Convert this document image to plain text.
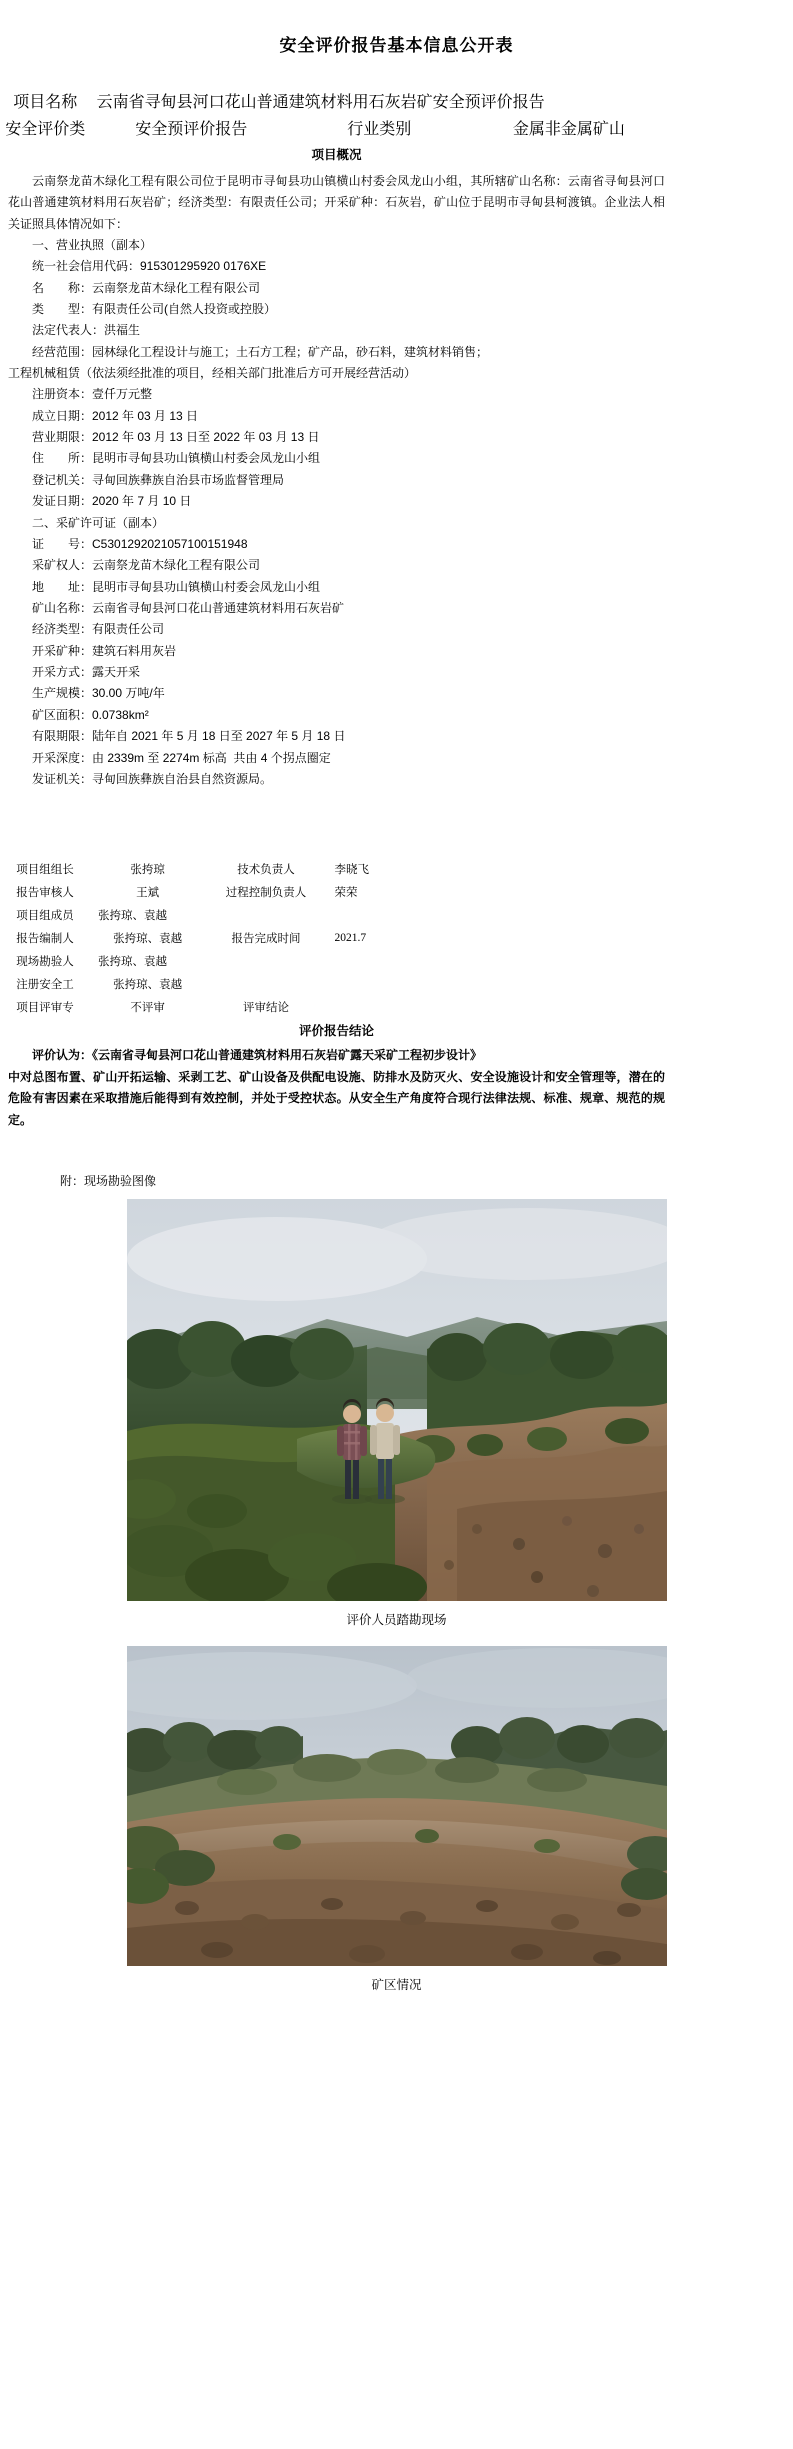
安全评价报告基本信息公开表
项目名称	云南省寻甸县河口花山普通建筑材料用石灰岩矿安全预评价报告		
安全评价类	安全预评价报告	行业类别	金属非金属矿山
项目概况			

云南祭龙苗木绿化工程有限公司位于昆明市寻甸县功山镇横山村委会凤龙山小组，其所辖矿山名称：云南省寻甸县河口花山普通建筑材料用石灰岩矿；经济类型：有限责任公司；开采矿种：石灰岩，矿山位于昆明市寻甸县柯渡镇。企业法人相关证照具体情况如下：

一、营业执照（副本）

统一社会信用代码：915301295920 0176XE

名　　称：云南祭龙苗木绿化工程有限公司

类　　型：有限责任公司(自然人投资或控股）

法定代表人：洪福生

经营范围：园林绿化工程设计与施工；土石方工程；矿产品，砂石料，建筑材料销售；

工程机械租赁（依法须经批准的项目，经相关部门批准后方可开展经营活动）

注册资本：壹仟万元整

成立日期：2012 年 03 月 13 日

营业期限：2012 年 03 月 13 日至 2022 年 03 月 13 日

住　　所：昆明市寻甸县功山镇横山村委会凤龙山小组

登记机关：寻甸回族彝族自治县市场监督管理局

发证日期：2020 年 7 月 10 日

二、采矿许可证（副本）

证　　号：C5301292021057100151948

采矿权人：云南祭龙苗木绿化工程有限公司

地　　址：昆明市寻甸县功山镇横山村委会凤龙山小组

矿山名称：云南省寻甸县河口花山普通建筑材料用石灰岩矿

经济类型：有限责任公司

开采矿种：建筑石料用灰岩

开采方式：露天开采

生产规模：30.00 万吨/年

矿区面积：0.0738km²

有限期限：陆年自 2021 年 5 月 18 日至 2027 年 5 月 18 日

开采深度：由 2339m 至 2274m 标高  共由 4 个拐点圈定

发证机关：寻甸回族彝族自治县自然资源局。

项目组组长	张挎琼	技术负责人	李晓飞
报告审核人	王斌	过程控制负责人	荣荣
项目组成员	张挎琼、袁越		
报告编制人	张挎琼、袁越	报告完成时间	2021.7
现场勘验人	张挎琼、袁越		
注册安全工	张挎琼、袁越		
项目评审专	不评审	评审结论	
评价报告结论			

评价认为：《云南省寻甸县河口花山普通建筑材料用石灰岩矿露天采矿工程初步设计》

中对总图布置、矿山开拓运输、采剥工艺、矿山设备及供配电设施、防排水及防灭火、安全设施设计和安全管理等，潜在的危险有害因素在采取措施后能得到有效控制，并处于受控状态。从安全生产角度符合现行法律法规、标准、规章、规范的规定。			

附：现场勘验图像
评价人员踏勘现场
矿区情况
